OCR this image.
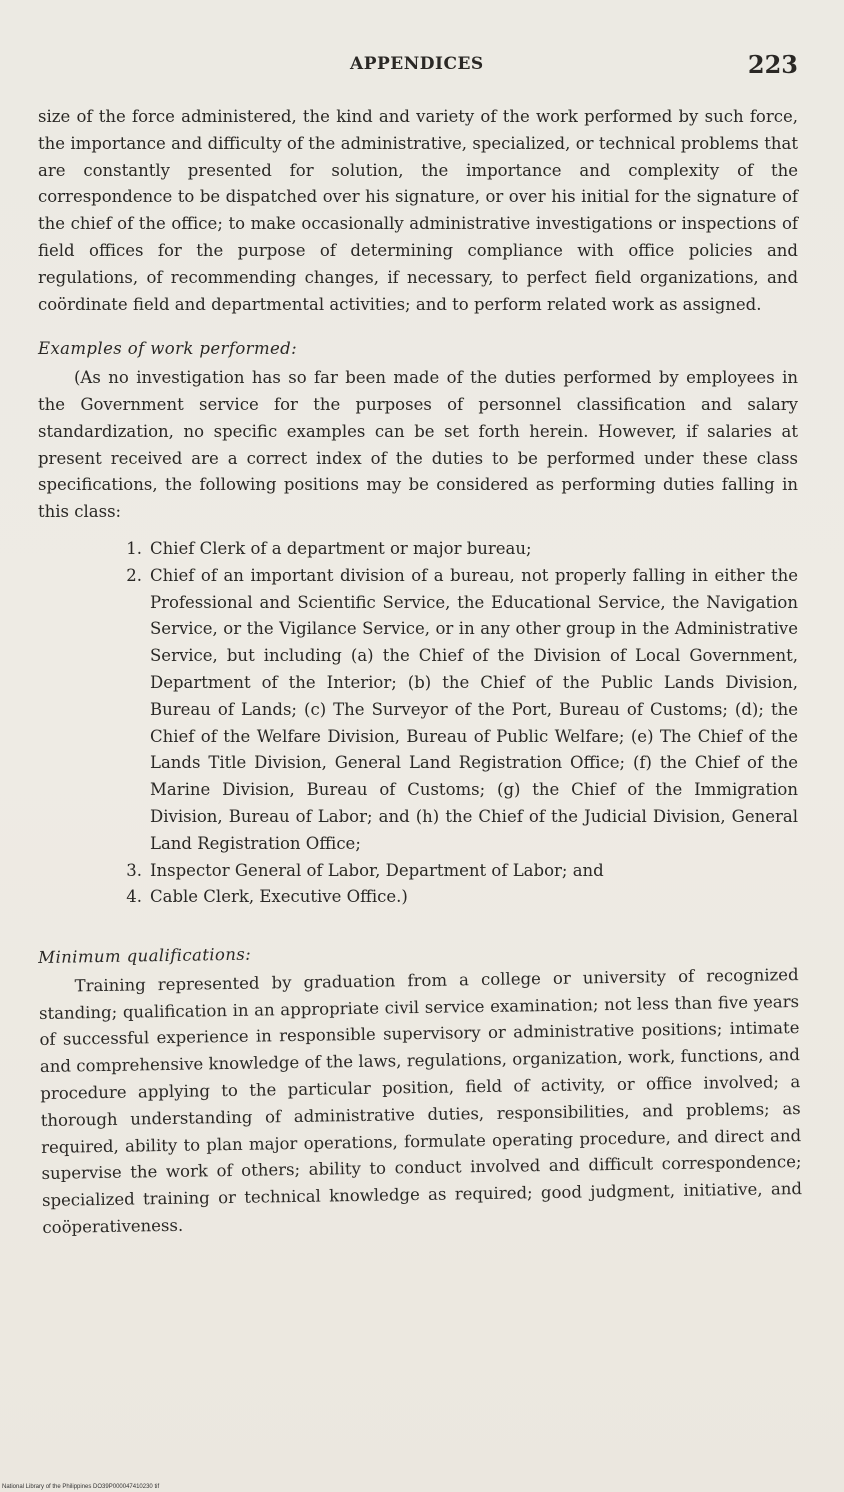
APPENDICES	223

size of the force administered, the kind and variety of the work performed by such force, the importance and difficulty of the administrative, specialized, or technical problems that are constantly presented for solution, the importance and complexity of the correspondence to be dispatched over his signature, or over his initial for the signature of the chief of the office; to make occasionally administrative investigations or inspections of field offices for the purpose of determining compliance with office policies and regulations, of recommending changes, if necessary, to perfect field organizations, and coördinate field and departmental activities; and to perform related work as assigned.

Examples of work performed:

(As no investigation has so far been made of the duties performed by employees in the Government service for the purposes of personnel classification and salary standardization, no specific examples can be set forth herein. However, if salaries at present received are a correct index of the duties to be performed under these class specifications, the following positions may be considered as performing duties falling in this class:

1. Chief Clerk of a department or major bureau;
2. Chief of an important division of a bureau, not properly falling in either the Professional and Scientific Service, the Educational Service, the Navigation Service, or the Vigilance Service, or in any other group in the Administrative Service, but including (a) the Chief of the Division of Local Government, Department of the Interior; (b) the Chief of the Public Lands Division, Bureau of Lands; (c) The Surveyor of the Port, Bureau of Customs; (d); the Chief of the Welfare Division, Bureau of Public Welfare; (e) The Chief of the Lands Title Division, General Land Registration Office; (f) the Chief of the Marine Division, Bureau of Customs; (g) the Chief of the Immigration Division, Bureau of Labor; and (h) the Chief of the Judicial Division, General Land Registration Office;
3. Inspector General of Labor, Department of Labor; and
4. Cable Clerk, Executive Office.)

Minimum qualifications:

Training represented by graduation from a college or university of recognized standing; qualification in an appropriate civil service examination; not less than five years of successful experience in responsible supervisory or administrative positions; intimate and comprehensive knowledge of the laws, regulations, organization, work, functions, and procedure applying to the particular position, field of activity, or office involved; a thorough understanding of administrative duties, responsibilities, and problems; as required, ability to plan major operations, formulate operating procedure, and direct and supervise the work of others; ability to conduct involved and difficult correspondence; specialized training or technical knowledge as required; good judgment, initiative, and coöperativeness.

National Library of the Philippines DO39P000047410230 tif
